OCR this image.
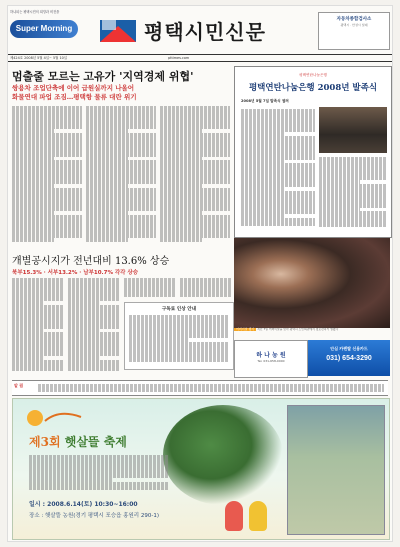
하나되는 평택시민의 희망과 비전을
Super Morning	평택시민신문
자동차종합검사소
평택시 · 안성시 일대
제424호 2008년 5월 4일~ 5월 10일	pttimes.com
멈출줄 모르는 고유가 '지역경제 위협'
쌍용차 조업단축에 이어 급원실까지 나올어
화물연대 파업 조짐…평택항 물류 대란 위기
평택연탄나눔은행
평택연탄나눔은행 2008년 발족식
2008년 5월 7일 발족식 열려
어버이날 행사 지난 7일 어버이날을 맞아 평택시 노인회관에서 경로잔치가 열렸다
개별공시지가 전년대비 13.6% 상승
북부15.3% · 서부13.2% · 남부10.7% 각각 상승
구독료 인상 안내
하 나 농 원
Tel. 031-658-0000
안심 카렌탈 신용카드
031) 654-3290
알 림
제3회 햇살뜰 축제
일시 : 2008.6.14(토) 10:30~16:00
장소 : 햇살뜰 농원(경기 평택시 포승읍 홍원리 290-1)
